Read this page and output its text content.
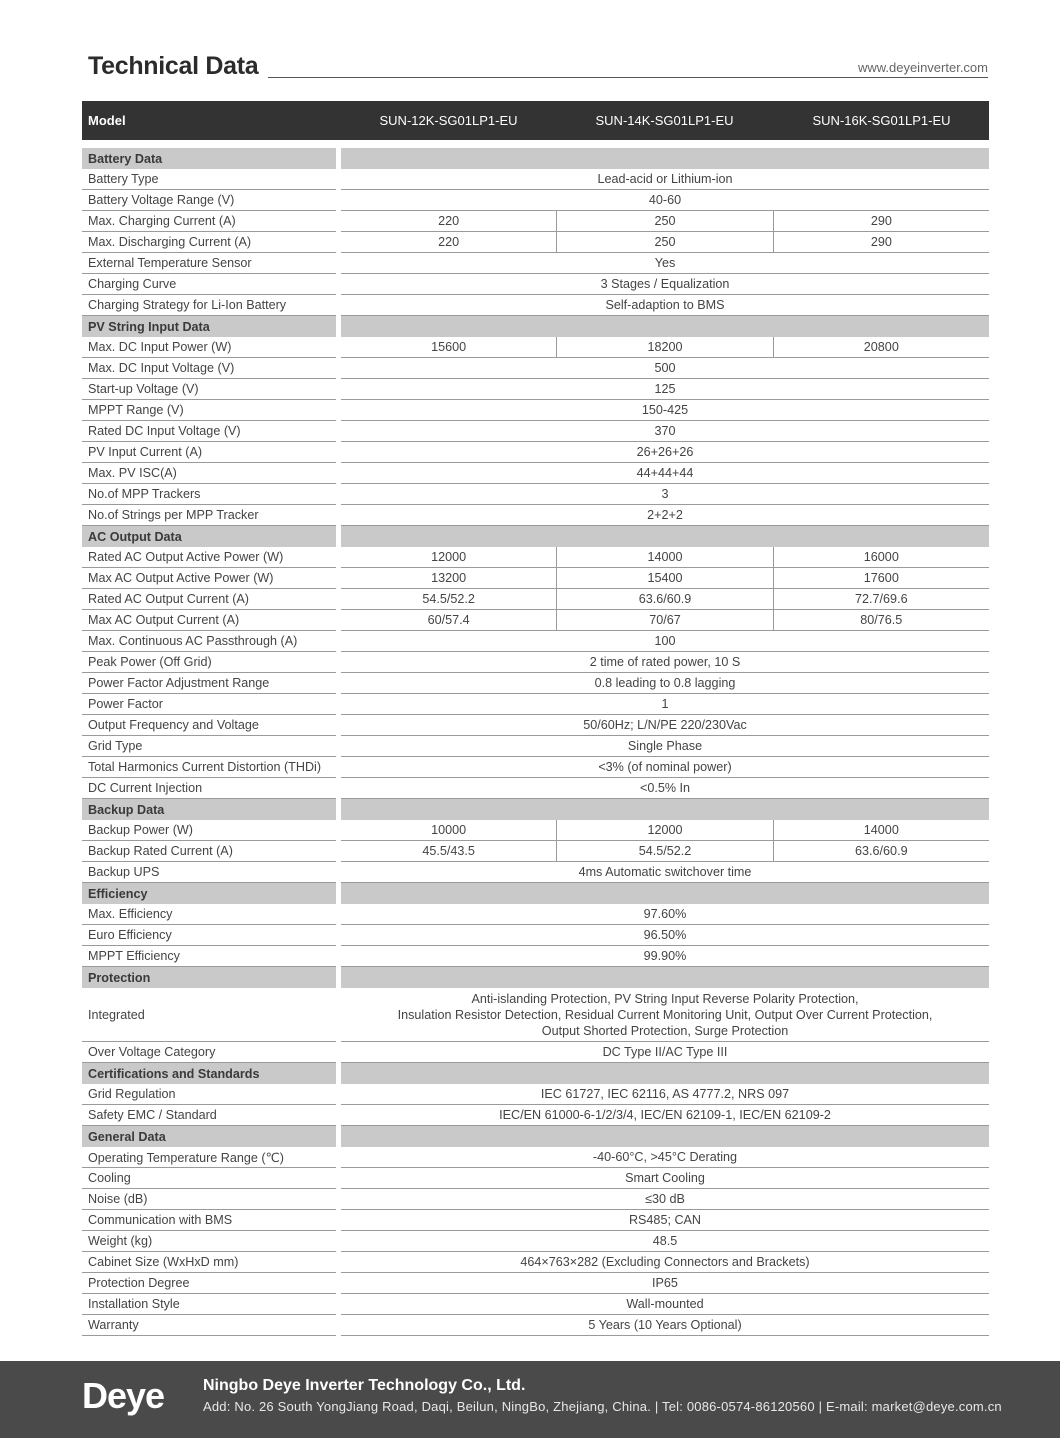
Technical Data	www.deyeinverter.com
Model	SUN-12K-SG01LP1-EU	SUN-14K-SG01LP1-EU	SUN-16K-SG01LP1-EU
Battery Data
Battery Type	Lead-acid or Lithium-ion
Battery Voltage Range (V)	40-60
Max. Charging Current (A)	220	250	290
Max. Discharging Current (A)	220	250	290
External Temperature Sensor	Yes
Charging Curve	3 Stages / Equalization
Charging Strategy for Li-Ion Battery	Self-adaption to BMS
PV String Input Data
Max. DC Input Power (W)	15600	18200	20800
Max. DC Input Voltage (V)	500
Start-up Voltage (V)	125
MPPT Range (V)	150-425
Rated DC Input Voltage (V)	370
PV Input Current (A)	26+26+26
Max. PV ISC(A)	44+44+44
No.of MPP Trackers	3
No.of Strings per MPP Tracker	2+2+2
AC Output Data
Rated AC Output Active Power (W)	12000	14000	16000
Max AC Output Active Power (W)	13200	15400	17600
Rated AC Output Current (A)	54.5/52.2	63.6/60.9	72.7/69.6
Max AC Output Current (A)	60/57.4	70/67	80/76.5
Max. Continuous AC Passthrough (A)	100
Peak Power (Off Grid)	2 time of rated power, 10 S
Power Factor Adjustment Range	0.8 leading to 0.8 lagging
Power Factor	1
Output Frequency and Voltage	50/60Hz; L/N/PE 220/230Vac
Grid Type	Single Phase
Total Harmonics Current Distortion (THDi)	<3% (of nominal power)
DC Current Injection	<0.5% In
Backup Data
Backup Power (W)	10000	12000	14000
Backup Rated Current (A)	45.5/43.5	54.5/52.2	63.6/60.9
Backup UPS	4ms Automatic switchover time
Efficiency
Max. Efficiency	97.60%
Euro Efficiency	96.50%
MPPT Efficiency	99.90%
Protection
Integrated
Anti-islanding Protection, PV String Input Reverse Polarity Protection,
Insulation Resistor Detection, Residual Current Monitoring Unit, Output Over Current Protection,
Output Shorted Protection, Surge Protection
Over Voltage Category	DC Type II/AC Type III
Certifications and Standards
Grid Regulation	IEC 61727, IEC 62116, AS 4777.2, NRS 097
Safety EMC / Standard	IEC/EN 61000-6-1/2/3/4, IEC/EN 62109-1, IEC/EN 62109-2
General Data
Operating Temperature Range (℃)	-40-60°C, >45°C Derating
Cooling	Smart Cooling
Noise (dB)	≤30 dB
Communication with BMS	RS485; CAN
Weight (kg)	48.5
Cabinet Size (WxHxD mm)	464×763×282 (Excluding Connectors and Brackets)
Protection Degree	IP65
Installation Style	Wall-mounted
Warranty	5 Years (10 Years Optional)
Deye Ningbo Deye Inverter Technology Co., Ltd.
Add: No. 26 South YongJiang Road, Daqi, Beilun, NingBo, Zhejiang, China. | Tel: 0086-0574-86120560 | E-mail: market@deye.com.cn
